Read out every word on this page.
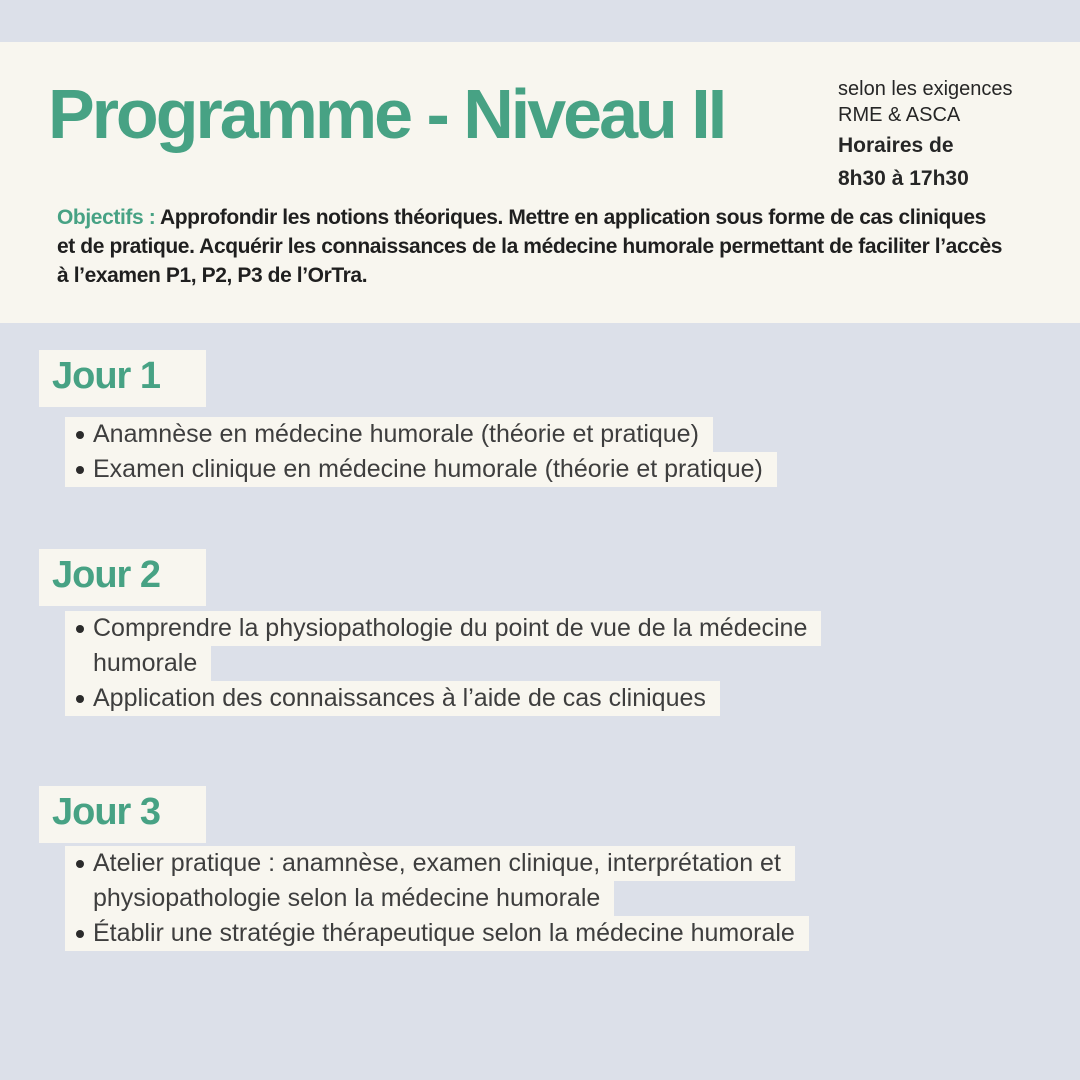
Programme - Niveau II	selon les exigences
RME & ASCA
Horaires de
8h30 à 17h30

Objectifs : Approfondir les notions théoriques. Mettre en application sous forme de cas cliniques et de pratique. Acquérir les connaissances de la médecine humorale permettant de faciliter l’accès à l’examen P1, P2, P3 de l’OrTra.

Jour 1
Anamnèse en médecine humorale (théorie et pratique)
Examen clinique en médecine humorale (théorie et pratique)
Jour 2
Comprendre la physiopathologie du point de vue de la médecine
humorale
Application des connaissances à l’aide de cas cliniques
Jour 3
Atelier pratique : anamnèse, examen clinique, interprétation et
physiopathologie selon la médecine humorale
Établir une stratégie thérapeutique selon la médecine humorale
